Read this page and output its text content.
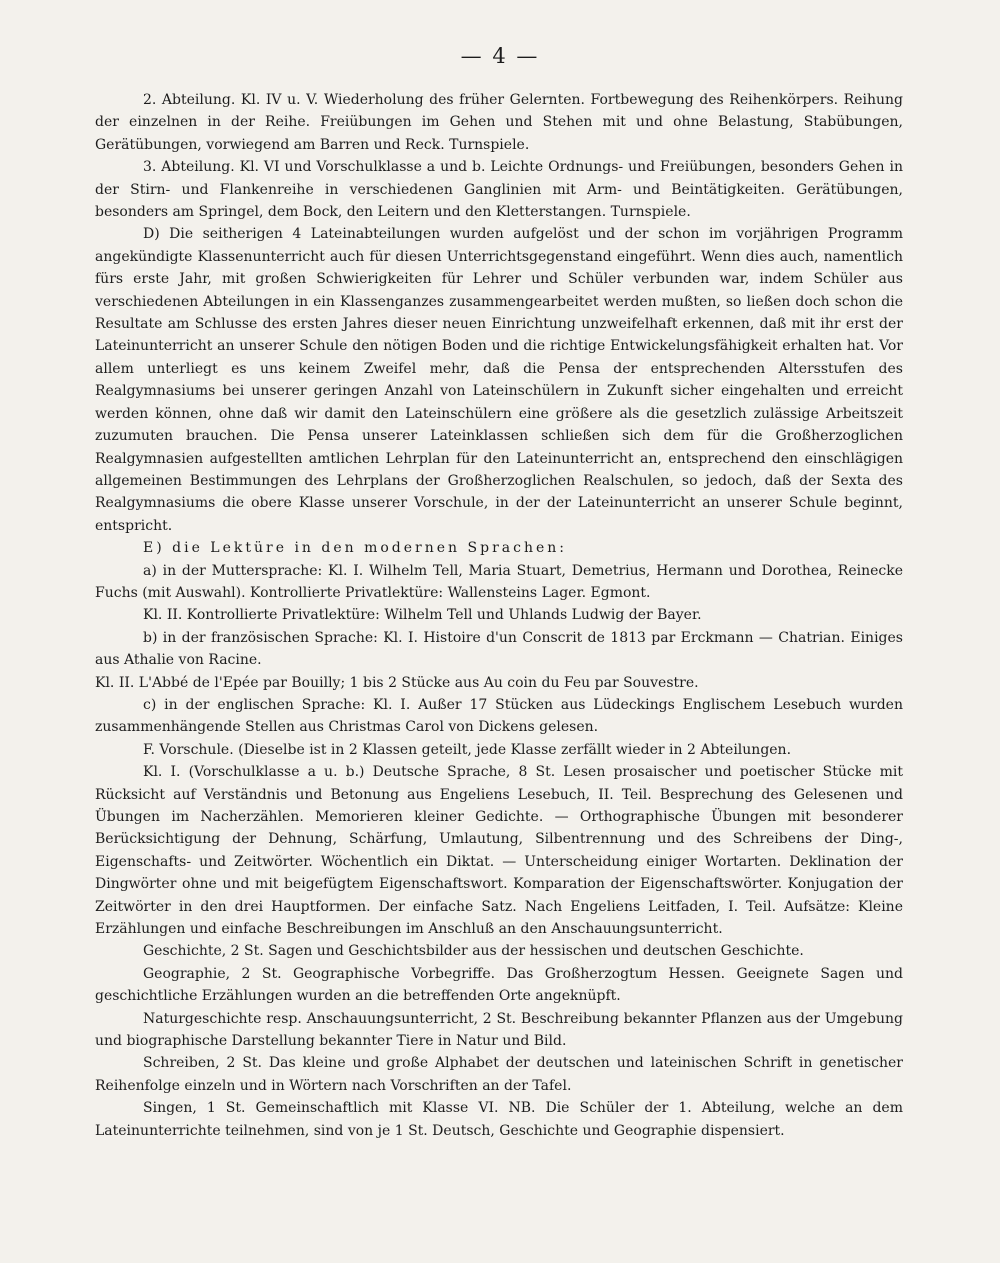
— 4 —

2. Abteilung. Kl. IV u. V. Wiederholung des früher Gelernten. Fortbewegung des Reihenkörpers. Reihung der einzelnen in der Reihe. Freiübungen im Gehen und Stehen mit und ohne Belastung, Stabübungen, Gerätübungen, vorwiegend am Barren und Reck. Turnspiele.

3. Abteilung. Kl. VI und Vorschulklasse a und b. Leichte Ordnungs- und Freiübungen, besonders Gehen in der Stirn- und Flankenreihe in verschiedenen Ganglinien mit Arm- und Beintätigkeiten. Gerätübungen, besonders am Springel, dem Bock, den Leitern und den Kletterstangen. Turnspiele.

D) Die seitherigen 4 Lateinabteilungen wurden aufgelöst und der schon im vorjährigen Programm angekündigte Klassenunterricht auch für diesen Unterrichtsgegenstand eingeführt. Wenn dies auch, namentlich fürs erste Jahr, mit großen Schwierigkeiten für Lehrer und Schüler verbunden war, indem Schüler aus verschiedenen Abteilungen in ein Klassenganzes zusammengearbeitet werden mußten, so ließen doch schon die Resultate am Schlusse des ersten Jahres dieser neuen Einrichtung unzweifelhaft erkennen, daß mit ihr erst der Lateinunterricht an unserer Schule den nötigen Boden und die richtige Entwickelungsfähigkeit erhalten hat. Vor allem unterliegt es uns keinem Zweifel mehr, daß die Pensa der entsprechenden Altersstufen des Realgymnasiums bei unserer geringen Anzahl von Lateinschülern in Zukunft sicher eingehalten und erreicht werden können, ohne daß wir damit den Lateinschülern eine größere als die gesetzlich zulässige Arbeitszeit zuzumuten brauchen. Die Pensa unserer Lateinklassen schließen sich dem für die Großherzoglichen Realgymnasien aufgestellten amtlichen Lehrplan für den Lateinunterricht an, entsprechend den einschlägigen allgemeinen Bestimmungen des Lehrplans der Großherzoglichen Realschulen, so jedoch, daß der Sexta des Realgymnasiums die obere Klasse unserer Vorschule, in der der Lateinunterricht an unserer Schule beginnt, entspricht.

E) die Lektüre in den modernen Sprachen:

a) in der Muttersprache: Kl. I. Wilhelm Tell, Maria Stuart, Demetrius, Hermann und Dorothea, Reinecke Fuchs (mit Auswahl). Kontrollierte Privatlektüre: Wallensteins Lager. Egmont.

Kl. II. Kontrollierte Privatlektüre: Wilhelm Tell und Uhlands Ludwig der Bayer.

b) in der französischen Sprache: Kl. I. Histoire d'un Conscrit de 1813 par Erckmann — Chatrian. Einiges aus Athalie von Racine.

Kl. II. L'Abbé de l'Epée par Bouilly; 1 bis 2 Stücke aus Au coin du Feu par Souvestre.

c) in der englischen Sprache: Kl. I. Außer 17 Stücken aus Lüdeckings Englischem Lesebuch wurden zusammenhängende Stellen aus Christmas Carol von Dickens gelesen.

F. Vorschule. (Dieselbe ist in 2 Klassen geteilt, jede Klasse zerfällt wieder in 2 Abteilungen.

Kl. I. (Vorschulklasse a u. b.) Deutsche Sprache, 8 St. Lesen prosaischer und poetischer Stücke mit Rücksicht auf Verständnis und Betonung aus Engeliens Lesebuch, II. Teil. Besprechung des Gelesenen und Übungen im Nacherzählen. Memorieren kleiner Gedichte. — Orthographische Übungen mit besonderer Berücksichtigung der Dehnung, Schärfung, Umlautung, Silbentrennung und des Schreibens der Ding-, Eigenschafts- und Zeitwörter. Wöchentlich ein Diktat. — Unterscheidung einiger Wortarten. Deklination der Dingwörter ohne und mit beigefügtem Eigenschaftswort. Komparation der Eigenschaftswörter. Konjugation der Zeitwörter in den drei Hauptformen. Der einfache Satz. Nach Engeliens Leitfaden, I. Teil. Aufsätze: Kleine Erzählungen und einfache Beschreibungen im Anschluß an den Anschauungsunterricht.

Geschichte, 2 St. Sagen und Geschichtsbilder aus der hessischen und deutschen Geschichte.

Geographie, 2 St. Geographische Vorbegriffe. Das Großherzogtum Hessen. Geeignete Sagen und geschichtliche Erzählungen wurden an die betreffenden Orte angeknüpft.

Naturgeschichte resp. Anschauungsunterricht, 2 St. Beschreibung bekannter Pflanzen aus der Umgebung und biographische Darstellung bekannter Tiere in Natur und Bild.

Schreiben, 2 St. Das kleine und große Alphabet der deutschen und lateinischen Schrift in genetischer Reihenfolge einzeln und in Wörtern nach Vorschriften an der Tafel.

Singen, 1 St. Gemeinschaftlich mit Klasse VI. NB. Die Schüler der 1. Abteilung, welche an dem Lateinunterrichte teilnehmen, sind von je 1 St. Deutsch, Geschichte und Geographie dispensiert.
